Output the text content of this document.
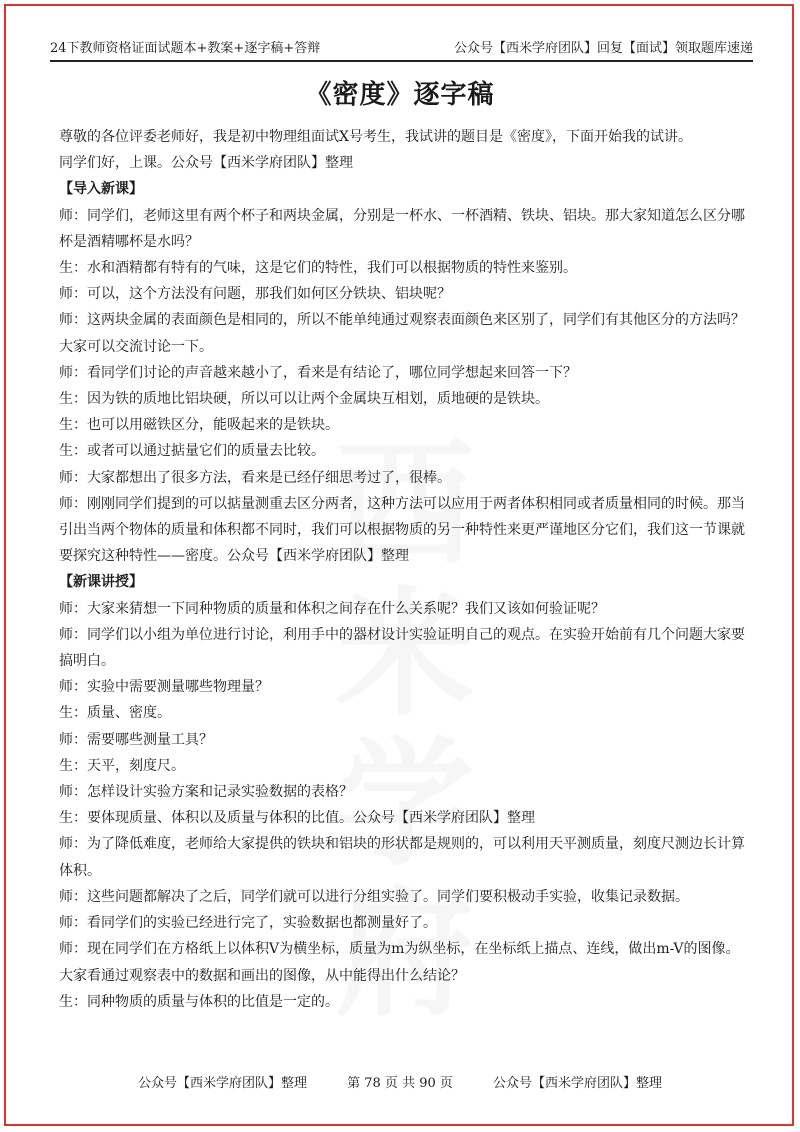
24下教师资格证面试题本+教案+逐字稿+答辩	公众号【西米学府团队】回复【面试】领取题库速递
《密度》逐字稿

尊敬的各位评委老师好，我是初中物理组面试X号考生，我试讲的题目是《密度》，下面开始我的试讲。

同学们好，上课。公众号【西米学府团队】整理

【导入新课】

师：同学们，老师这里有两个杯子和两块金属，分别是一杯水、一杯酒精、铁块、铝块。那大家知道怎么区分哪杯是酒精哪杯是水吗？

生：水和酒精都有特有的气味，这是它们的特性，我们可以根据物质的特性来鉴别。

师：可以，这个方法没有问题，那我们如何区分铁块、铝块呢？

师：这两块金属的表面颜色是相同的，所以不能单纯通过观察表面颜色来区别了，同学们有其他区分的方法吗？大家可以交流讨论一下。

师：看同学们讨论的声音越来越小了，看来是有结论了，哪位同学想起来回答一下？

生：因为铁的质地比铝块硬，所以可以让两个金属块互相划，质地硬的是铁块。

生：也可以用磁铁区分，能吸起来的是铁块。

生：或者可以通过掂量它们的质量去比较。

师：大家都想出了很多方法，看来是已经仔细思考过了，很棒。

师：刚刚同学们提到的可以掂量测重去区分两者，这种方法可以应用于两者体积相同或者质量相同的时候。那当引出当两个物体的质量和体积都不同时，我们可以根据物质的另一种特性来更严谨地区分它们，我们这一节课就要探究这种特性——密度。公众号【西米学府团队】整理

【新课讲授】

师：大家来猜想一下同种物质的质量和体积之间存在什么关系呢？我们又该如何验证呢？

师：同学们以小组为单位进行讨论，利用手中的器材设计实验证明自己的观点。在实验开始前有几个问题大家要搞明白。

师：实验中需要测量哪些物理量？

生：质量、密度。

师：需要哪些测量工具？

生：天平，刻度尺。

师：怎样设计实验方案和记录实验数据的表格？

生：要体现质量、体积以及质量与体积的比值。公众号【西米学府团队】整理

师：为了降低难度，老师给大家提供的铁块和铝块的形状都是规则的，可以利用天平测质量，刻度尺测边长计算体积。

师：这些问题都解决了之后，同学们就可以进行分组实验了。同学们要积极动手实验，收集记录数据。

师：看同学们的实验已经进行完了，实验数据也都测量好了。

师：现在同学们在方格纸上以体积V为横坐标，质量为m为纵坐标，在坐标纸上描点、连线，做出m-V的图像。大家看通过观察表中的数据和画出的图像，从中能得出什么结论？

生：同种物质的质量与体积的比值是一定的。

公众号【西米学府团队】整理	第 78 页 共 90 页	公众号【西米学府团队】整理
